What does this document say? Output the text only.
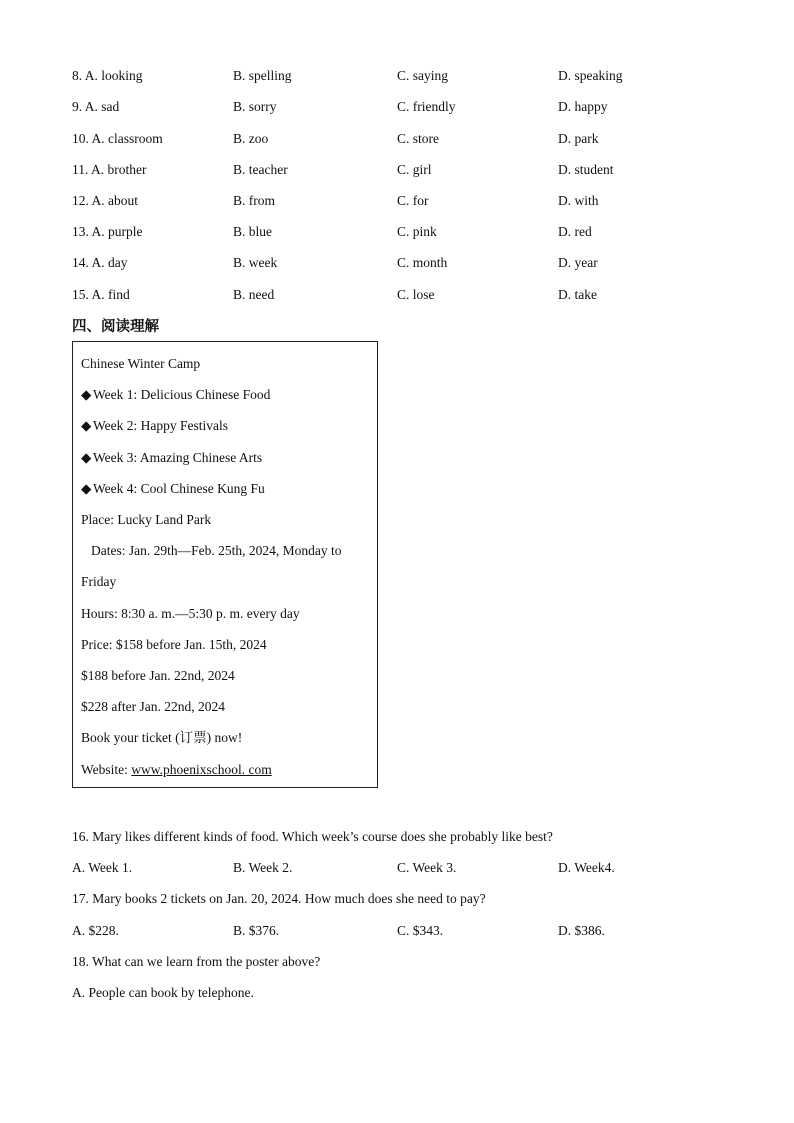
8. A. looking	B. spelling	C. saying	D. speaking
9. A. sad	B. sorry	C. friendly	D. happy
10. A. classroom	B. zoo	C. store	D. park
11. A. brother	B. teacher	C. girl	D. student
12. A. about	B. from	C. for	D. with
13. A. purple	B. blue	C. pink	D. red
14. A. day	B. week	C. month	D. year
15. A. find	B. need	C. lose	D. take
四、阅读理解
Chinese Winter Camp
◆ Week 1: Delicious Chinese Food
◆ Week 2: Happy Festivals
◆ Week 3: Amazing Chinese Arts
◆ Week 4: Cool Chinese Kung Fu
Place: Lucky Land Park
Dates: Jan. 29th—Feb. 25th, 2024, Monday to
Friday
Hours: 8:30 a. m.—5:30 p. m. every day
Price: $158 before Jan. 15th, 2024
$188 before Jan. 22nd, 2024
$228 after Jan. 22nd, 2024
Book your ticket (订票) now!
Website: www.phoenixschool. com
16. Mary likes different kinds of food. Which week’s course does she probably like best?
A. Week 1.	B. Week 2.	C. Week 3.	D. Week4.
17. Mary books 2 tickets on Jan. 20, 2024. How much does she need to pay?
A. $228.	B. $376.	C. $343.	D. $386.
18. What can we learn from the poster above?
A. People can book by telephone.
